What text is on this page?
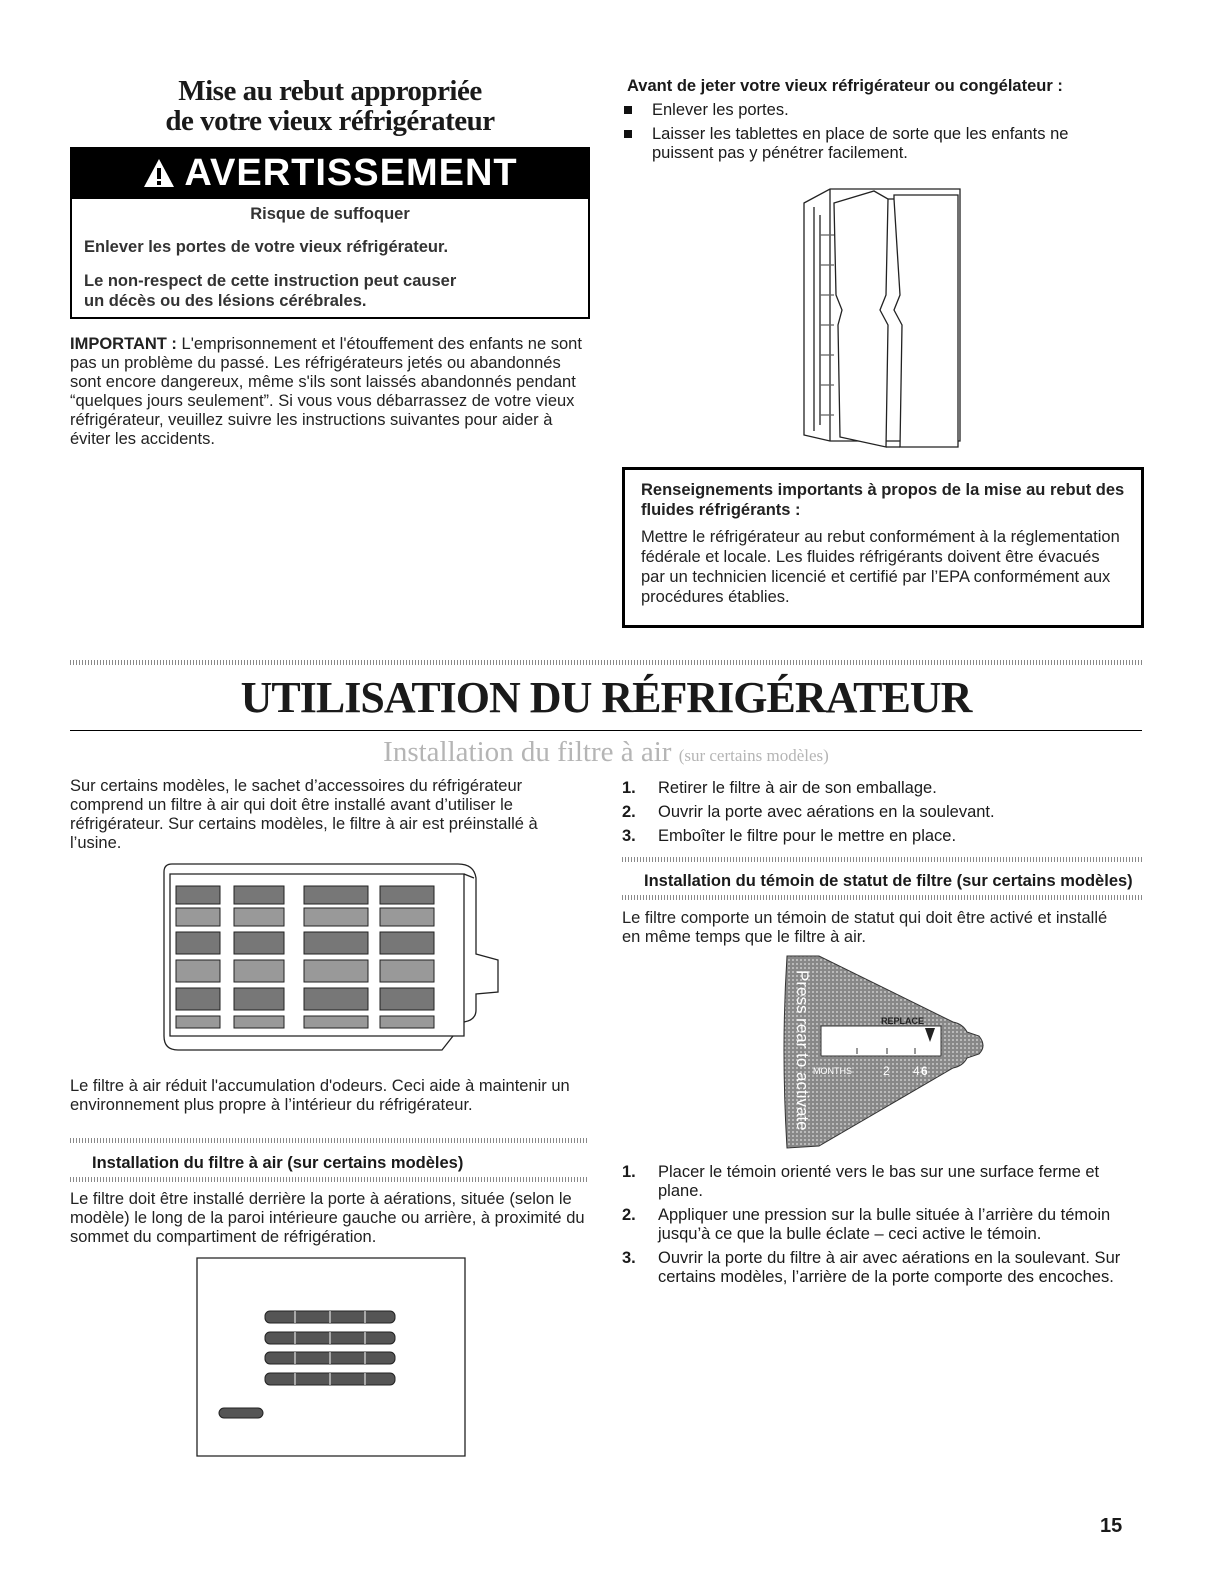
Mise au rebut appropriée
de votre vieux réfrigérateur
AVERTISSEMENT
Risque de suffoquer
Enlever les portes de votre vieux réfrigérateur.
Le non-respect de cette instruction peut causer
un décès ou des lésions cérébrales.
IMPORTANT : L'emprisonnement et l'étouffement des enfants ne sont pas un problème du passé. Les réfrigérateurs jetés ou abandonnés sont encore dangereux, même s'ils sont laissés abandonnés pendant “quelques jours seulement”. Si vous vous débarrassez de votre vieux réfrigérateur, veuillez suivre les instructions suivantes pour aider à éviter les accidents.
Avant de jeter votre vieux réfrigérateur ou congélateur :
Enlever les portes.
Laisser les tablettes en place de sorte que les enfants ne puissent pas y pénétrer facilement.
Renseignements importants à propos de la mise au rebut des fluides réfrigérants :
Mettre le réfrigérateur au rebut conformément à la réglementation fédérale et locale. Les fluides réfrigérants doivent être évacués par un technicien licencié et certifié par l’EPA conformément aux procédures établies.
UTILISATION DU RÉFRIGÉRATEUR
Installation du filtre à air (sur certains modèles)
Sur certains modèles, le sachet d’accessoires du réfrigérateur comprend un filtre à air qui doit être installé avant d’utiliser le réfrigérateur. Sur certains modèles, le filtre à air est préinstallé à l’usine.
Le filtre à air réduit l'accumulation d'odeurs. Ceci aide à maintenir un environnement plus propre à l’intérieur du réfrigérateur.
Installation du filtre à air (sur certains modèles)
Le filtre doit être installé derrière la porte à aérations, située (selon le modèle) le long de la paroi intérieure gauche ou arrière, à proximité du sommet du compartiment de réfrigération.
1. Retirer le filtre à air de son emballage.
2. Ouvrir la porte avec aérations en la soulevant.
3. Emboîter le filtre pour le mettre en place.
Installation du témoin de statut de filtre (sur certains modèles)
Le filtre comporte un témoin de statut qui doit être activé et installé en même temps que le filtre à air.
REPLACE
MONTHS	2 4 6
Press rear to activate
1. Placer le témoin orienté vers le bas sur une surface ferme et plane.
2. Appliquer une pression sur la bulle située à l’arrière du témoin jusqu’à ce que la bulle éclate – ceci active le témoin.
3. Ouvrir la porte du filtre à air avec aérations en la soulevant. Sur certains modèles, l’arrière de la porte comporte des encoches.
15
